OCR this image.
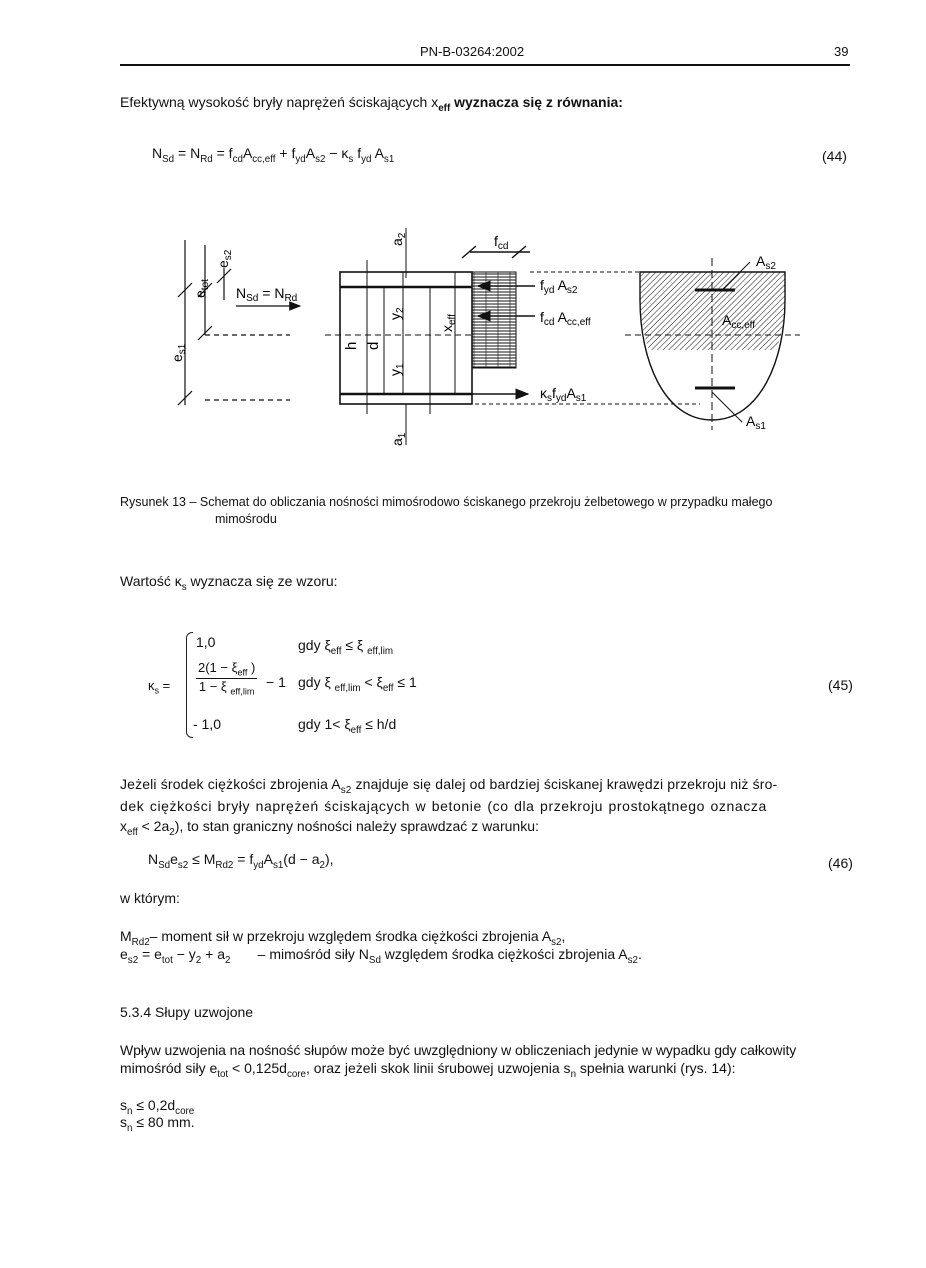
PN-B-03264:2002	39
Efektywną wysokość bryły naprężeń ściskających $x_{eff}$ wyznacza się z równania:
$N_{Sd} = N_{Rd} = f_{cd}A_{cc,eff} + f_{yd}A_{s2} - \kappa_s$ $f_{yd}$ $A_{s1}$	(44)
$e_{tot}$
$e_{s2}$
$e_{s1}$
$N_{Sd} = N_{Rd}$
$a_2$
$a_1$
h d
$y_2$
$y_1$
$x_{eff}$
$f_{cd}$
$f_{yd}$ $A_{s2}$
$f_{cd}$ $A_{cc,eff}$
$\kappa_sf_{yd}A_{s1}$
$A_{s2}$
$A_{cc,eff}$
$A_{s1}$
Rysunek 13 – Schemat do obliczania nośności mimośrodowo ściskanego przekroju żelbetowego w przypadku małego
mimośrodu
Wartość $\kappa_s$ wyznacza się ze wzoru:
$\kappa_s$ =
1,0	gdy $\xi_{eff} \le \xi$ $_{eff,lim}$
$2(1 - \xi_{eff}$ )
1 − ξ $_{eff,lim}$
− 1 gdy ξ $_{eff,lim} < \xi_{eff} \le 1$
- 1,0	gdy $1< \xi_{eff} \le h/d$
(45)
Jeżeli środek ciężkości zbrojenia $A_{s2}$ znajduje się dalej od bardziej ściskanej krawędzi przekroju niż śro-
dek ciężkości bryły naprężeń ściskających w betonie (co dla przekroju prostokątnego oznacza
$x_{eff} < 2a_2$), to stan graniczny nośności należy sprawdzać z warunku:
$N_{Sd}e_{s2} \le M_{Rd2} = f_{yd}A_{s1}(d - a_2)$,	(46)
w którym:
$M_{Rd2}-$ moment sił w przekroju względem środka ciężkości zbrojenia $A_{s2}$,
$e_{s2} = e_{tot} - y_2 + a_2$ – mimośród siły $N_{Sd}$ względem środka ciężkości zbrojenia $A_{s2}$.
5.3.4 Słupy uzwojone
Wpływ uzwojenia na nośność słupów może być uwzględniony w obliczeniach jedynie w wypadku gdy całkowity
mimośród siły $e_{tot} < 0,125d_{core}$, oraz jeżeli skok linii śrubowej uzwojenia $s_n$ spełnia warunki (rys. 14):
$s_n \le 0,2d_{core}$
$s_n \le 80$ mm.
